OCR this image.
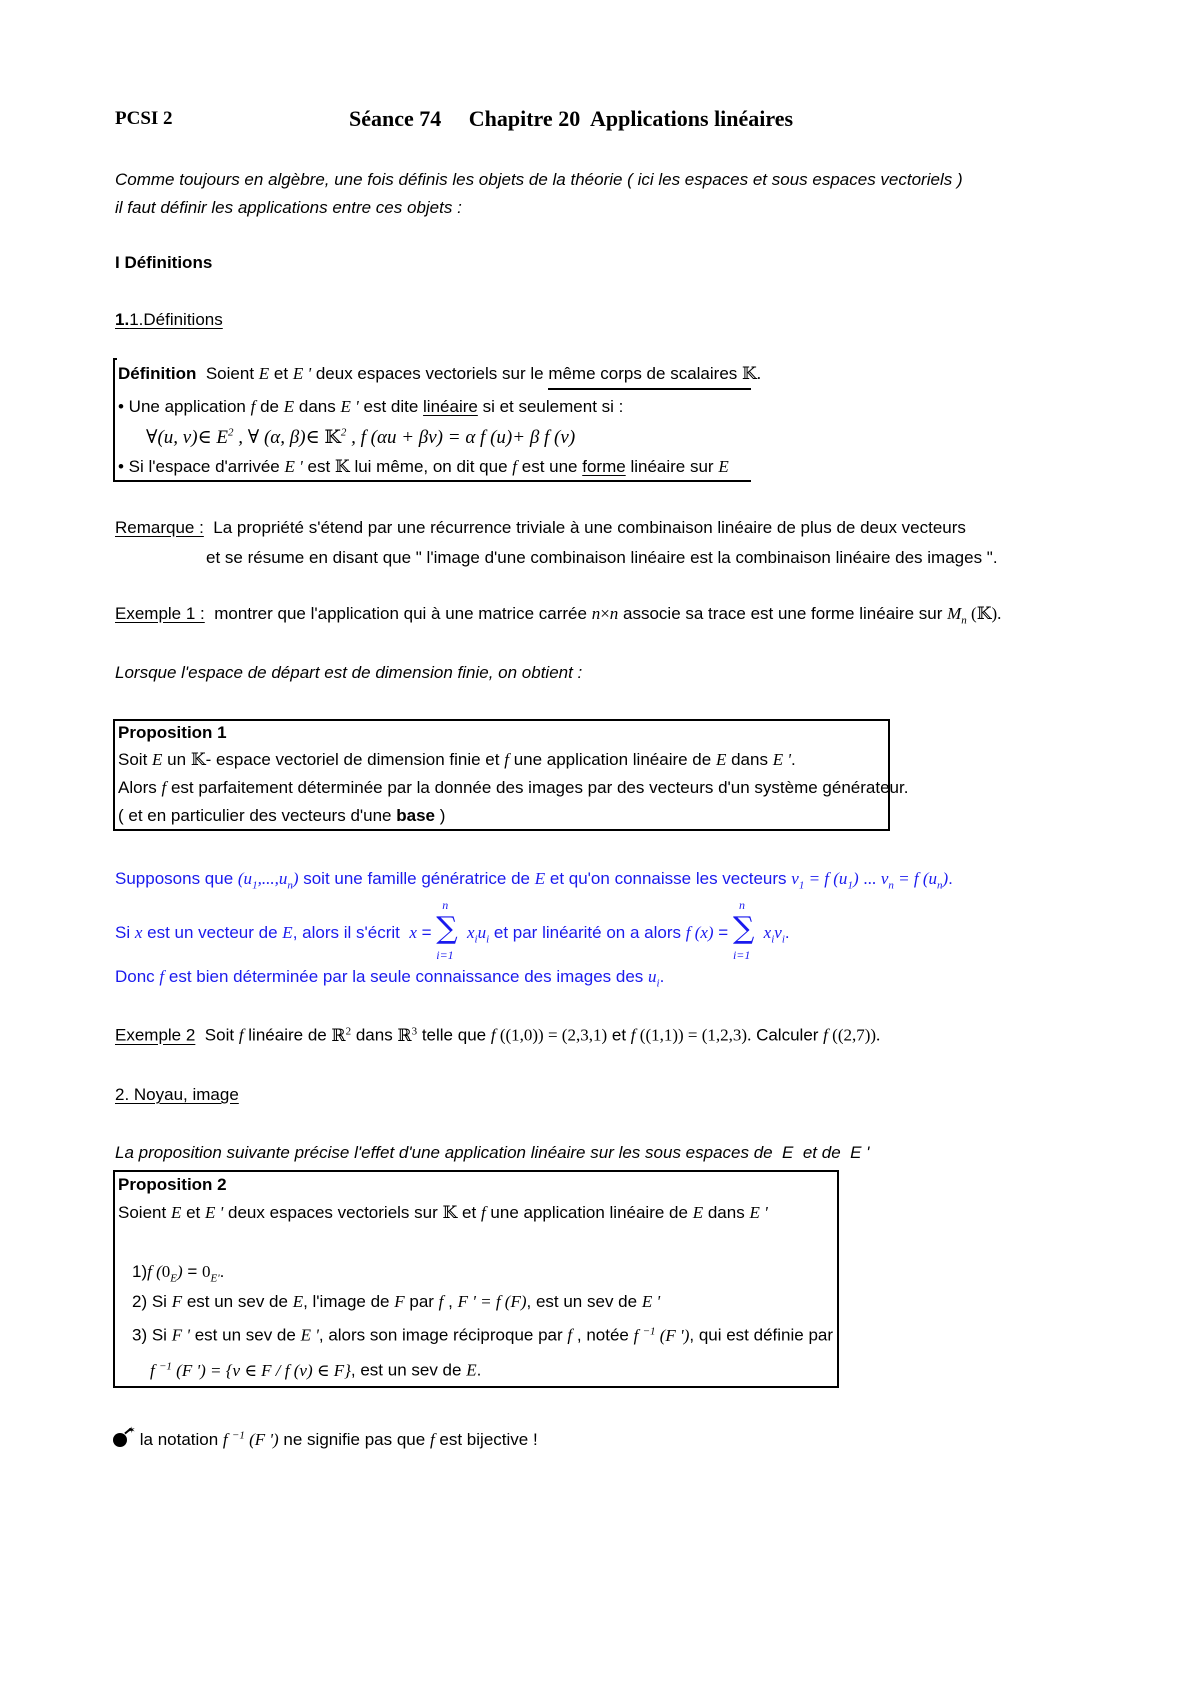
PCSI 2	Séance 74     Chapitre 20  Applications linéaires
Comme toujours en algèbre, une fois définis les objets de la théorie ( ici les espaces et sous espaces vectoriels )
il faut définir les applications entre ces objets :
I Définitions
1.1.Définitions
Définition Soient E et E ' deux espaces vectoriels sur le même corps de scalaires 𝕂.
• Une application f de E dans E ' est dite linéaire si et seulement si :
∀(u, v)∈ $E^2$ , ∀ (α, β)∈ 𝕂$^2$ , f (αu + βv) = α f (u)+ β f (v)
• Si l'espace d'arrivée E ' est 𝕂 lui même, on dit que f est une forme linéaire sur E
Remarque : La propriété s'étend par une récurrence triviale à une combinaison linéaire de plus de deux vecteurs
et se résume en disant que " l'image d'une combinaison linéaire est la combinaison linéaire des images ".
Exemple 1 : montrer que l'application qui à une matrice carrée n×n associe sa trace est une forme linéaire sur $M_n$ (𝕂).
Lorsque l'espace de départ est de dimension finie, on obtient :
Proposition 1
Soit E un 𝕂- espace vectoriel de dimension finie et f une application linéaire de E dans E '.
Alors f est parfaitement déterminée par la donnée des images par des vecteurs d'un système générateur.
( et en particulier des vecteurs d'une base )
Supposons que $(u_1,...,u_n)$ soit une famille génératrice de E et qu'on connaisse les vecteurs $v_1 = f$ $(u_1)$ ... $v_n = f$ $(u_n)$.
Si x est un vecteur de E, alors il s'écrit x =
n
∑
i=1
$x_iu_i$ et par linéarité on a alors f (x) =
n
∑
i=1
$x_iv_i$.
Donc f est bien déterminée par la seule connaissance des images des $u_i$.
Exemple 2 Soit f linéaire de ℝ$^2$ dans ℝ$^3$ telle que f ((1,0)) = (2,3,1) et f ((1,1)) = (1,2,3). Calculer f ((2,7)).
2. Noyau, image
La proposition suivante précise l'effet d'une application linéaire sur les sous espaces de  E  et de  E '
Proposition 2
Soient E et E ' deux espaces vectoriels sur 𝕂 et f une application linéaire de E dans E '
1)f $(0_E) = 0_{E'}$.
2) Si F est un sev de E, l'image de F par f , F ' = f (F), est un sev de E '
3) Si F ' est un sev de E ', alors son image réciproque par f , notée f $^{-1}$ (F '), qui est définie par
f $^{-1}$ (F ') = {v ∈ F / f (v) ∈ F}, est un sev de E.
✶ la notation f $^{-1}$ (F ') ne signifie pas que f est bijective !
